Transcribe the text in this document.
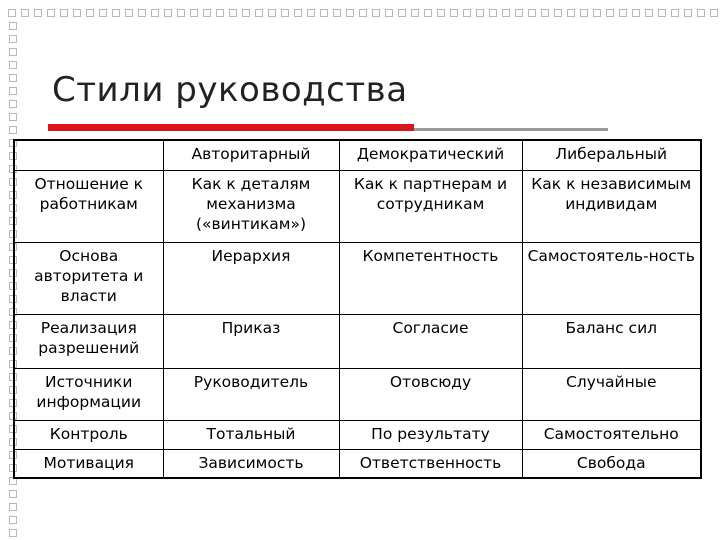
Стили руководства
	Авторитарный	Демократический	Либеральный
Отношение к работникам	Как к деталям механизма («винтикам»)	Как к партнерам и сотрудникам	Как к независимым индивидам
Основа авторитета и власти	Иерархия	Компетентность	Самостоятель-ность
Реализация разрешений	Приказ	Согласие	Баланс сил
Источники информации	Руководитель	Отовсюду	Случайные
Контроль	Тотальный	По результату	Самостоятельно
Мотивация	Зависимость	Ответственность	Свобода
